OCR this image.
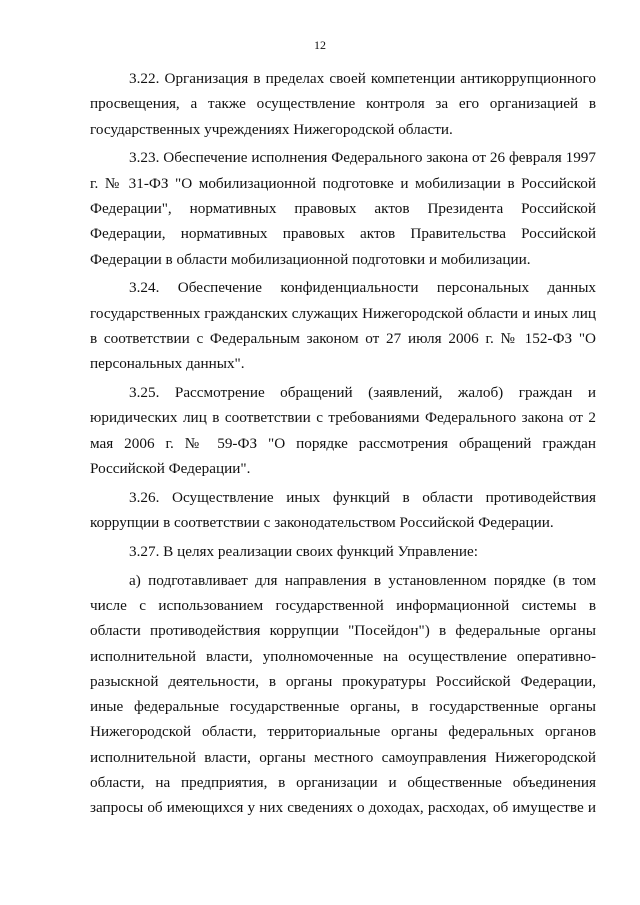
12

3.22. Организация в пределах своей компетенции антикоррупционного просвещения, а также осуществление контроля за его организацией в государственных учреждениях Нижегородской области.

3.23. Обеспечение исполнения Федерального закона от 26 февраля 1997 г. № 31-ФЗ "О мобилизационной подготовке и мобилизации в Российской Федерации", нормативных правовых актов Президента Российской Федерации, нормативных правовых актов Правительства Российской Федерации в области мобилизационной подготовки и мобилизации.

3.24. Обеспечение конфиденциальности персональных данных государственных гражданских служащих Нижегородской области и иных лиц в соответствии с Федеральным законом от 27 июля 2006 г. № 152-ФЗ "О персональных данных".

3.25. Рассмотрение обращений (заявлений, жалоб) граждан и юридических лиц в соответствии с требованиями Федерального закона от 2 мая 2006 г. № 59-ФЗ "О порядке рассмотрения обращений граждан Российской Федерации".

3.26. Осуществление иных функций в области противодействия коррупции в соответствии с законодательством Российской Федерации.

3.27. В целях реализации своих функций Управление:

а) подготавливает для направления в установленном порядке (в том числе с использованием государственной информационной системы в области противодействия коррупции "Посейдон") в федеральные органы исполнительной власти, уполномоченные на осуществление оперативно-разыскной деятельности, в органы прокуратуры Российской Федерации, иные федеральные государственные органы, в государственные органы Нижегородской области, территориальные органы федеральных органов исполнительной власти, органы местного самоуправления Нижегородской области, на предприятия, в организации и общественные объединения запросы об имеющихся у них сведениях о доходах, расходах, об имуществе и
